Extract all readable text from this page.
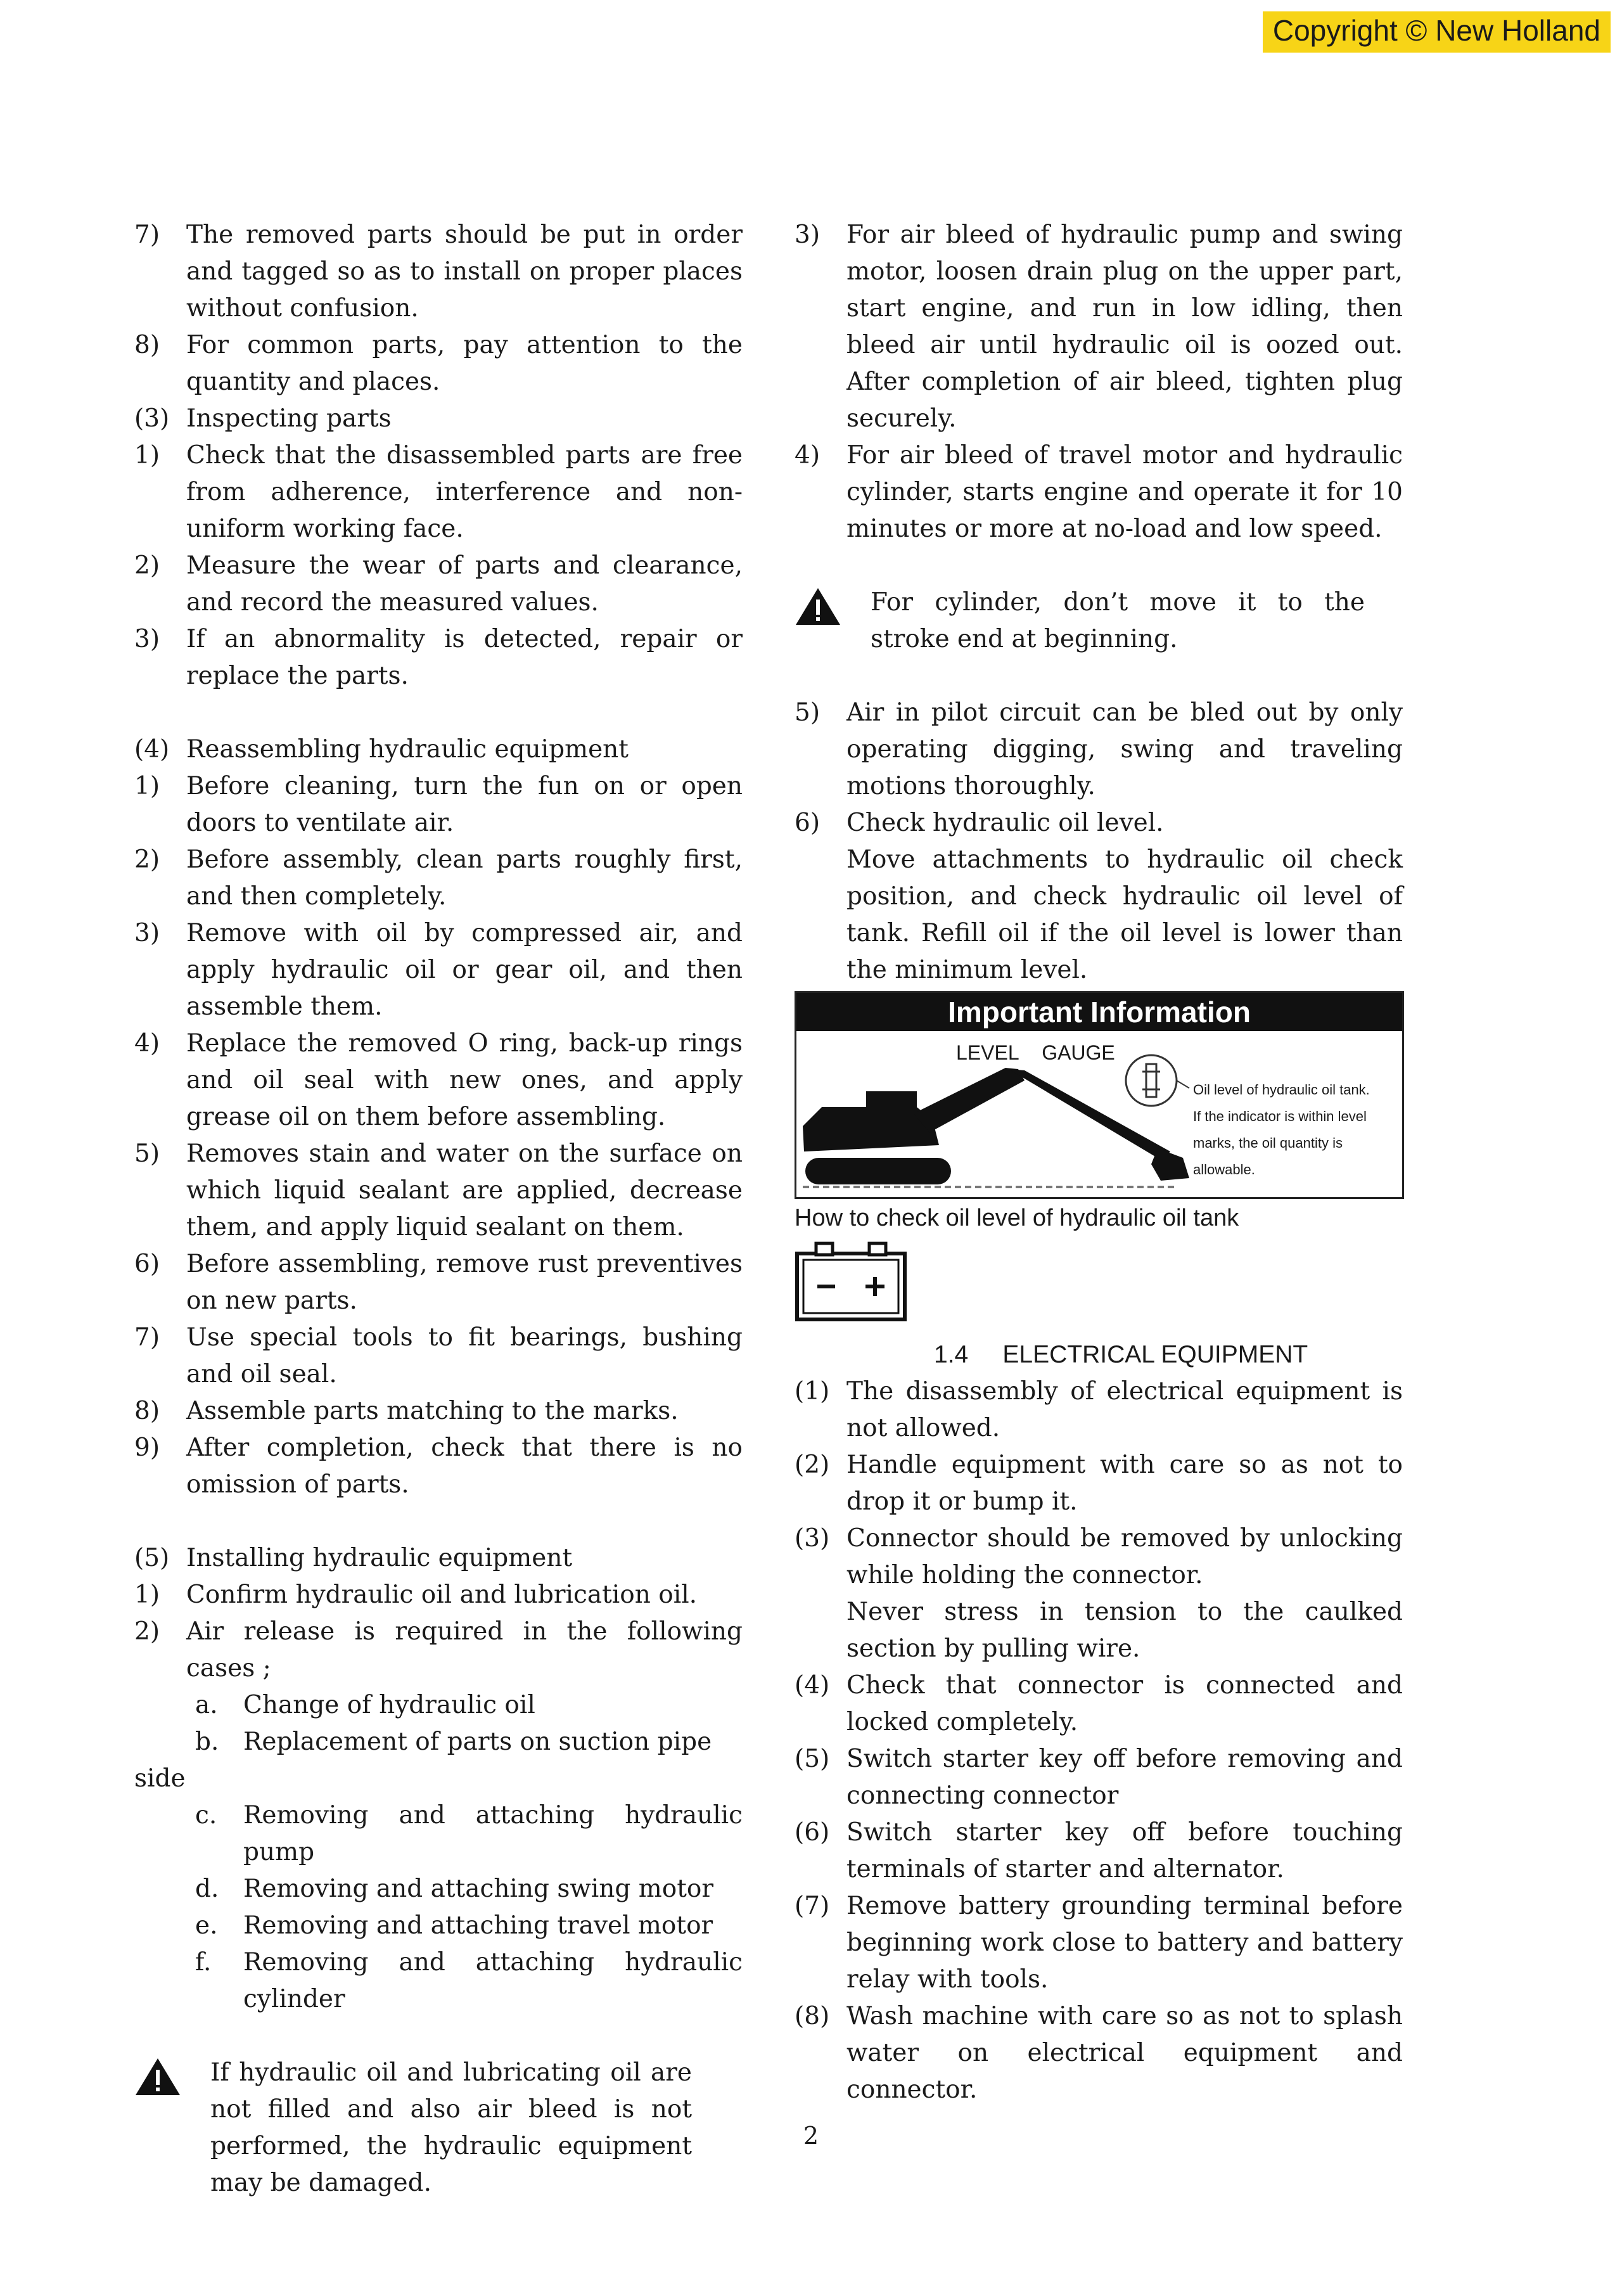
Copyright © New Holland
7)	The removed parts should be put in order and tagged so as to install on proper places without confusion.
8)	For common parts, pay attention to the quantity and places.
(3) Inspecting parts
1)	Check that the disassembled parts are free from adherence, interference and non-uniform working face.
2)	Measure the wear of parts and clearance, and record the measured values.
3)	If an abnormality is detected, repair or replace the parts.
(4) Reassembling hydraulic equipment
1)	Before cleaning, turn the fun on or open doors to ventilate air.
2)	Before assembly, clean parts roughly first, and then completely.
3)	Remove with oil by compressed air, and apply hydraulic oil or gear oil, and then assemble them.
4)	Replace the removed O ring, back-up rings and oil seal with new ones, and apply grease oil on them before assembling.
5)	Removes stain and water on the surface on which liquid sealant are applied, decrease them, and apply liquid sealant on them.
6)	Before assembling, remove rust preventives on new parts.
7)	Use special tools to fit bearings, bushing and oil seal.
8)	Assemble parts matching to the marks.
9)	After completion, check that there is no omission of parts.
(5) Installing hydraulic equipment
1)	Confirm hydraulic oil and lubrication oil.
2)	Air release is required in the following cases ;
a.	Change of hydraulic oil
b. Replacement of parts on suction pipe
side
c.	Removing and attaching hydraulic pump
d. Removing and attaching swing motor
e.	Removing and attaching travel motor
f.	Removing and attaching hydraulic cylinder
If hydraulic oil and lubricating oil are not filled and also air bleed is not performed, the hydraulic equipment may be damaged.
3)	For air bleed of hydraulic pump and swing motor, loosen drain plug on the upper part, start engine, and run in low idling, then bleed air until hydraulic oil is oozed out. After completion of air bleed, tighten plug securely.
4)	For air bleed of travel motor and hydraulic cylinder, starts engine and operate it for 10 minutes or more at no-load and low speed.
For cylinder, don’t move it to the stroke end at beginning.
5)	Air in pilot circuit can be bled out by only operating digging, swing and traveling motions thoroughly.
6)	Check hydraulic oil level.
Move attachments to hydraulic oil check position, and check hydraulic oil level of tank. Refill oil if the oil level is lower than the minimum level.
Important Information
LEVEL GAUGE
Oil level of hydraulic oil tank.
If the indicator is within level
marks, the oil quantity is
allowable.
How to check oil level of hydraulic oil tank
1.4 ELECTRICAL EQUIPMENT
(1) The disassembly of electrical equipment is not allowed.
(2) Handle equipment with care so as not to drop it or bump it.
(3) Connector should be removed by unlocking while holding the connector.
Never stress in tension to the caulked section by pulling wire.
(4) Check that connector is connected and locked completely.
(5) Switch starter key off before removing and connecting connector
(6) Switch starter key off before touching terminals of starter and alternator.
(7) Remove battery grounding terminal before beginning work close to battery and battery relay with tools.
(8) Wash machine with care so as not to splash water on electrical equipment and connector.
2
